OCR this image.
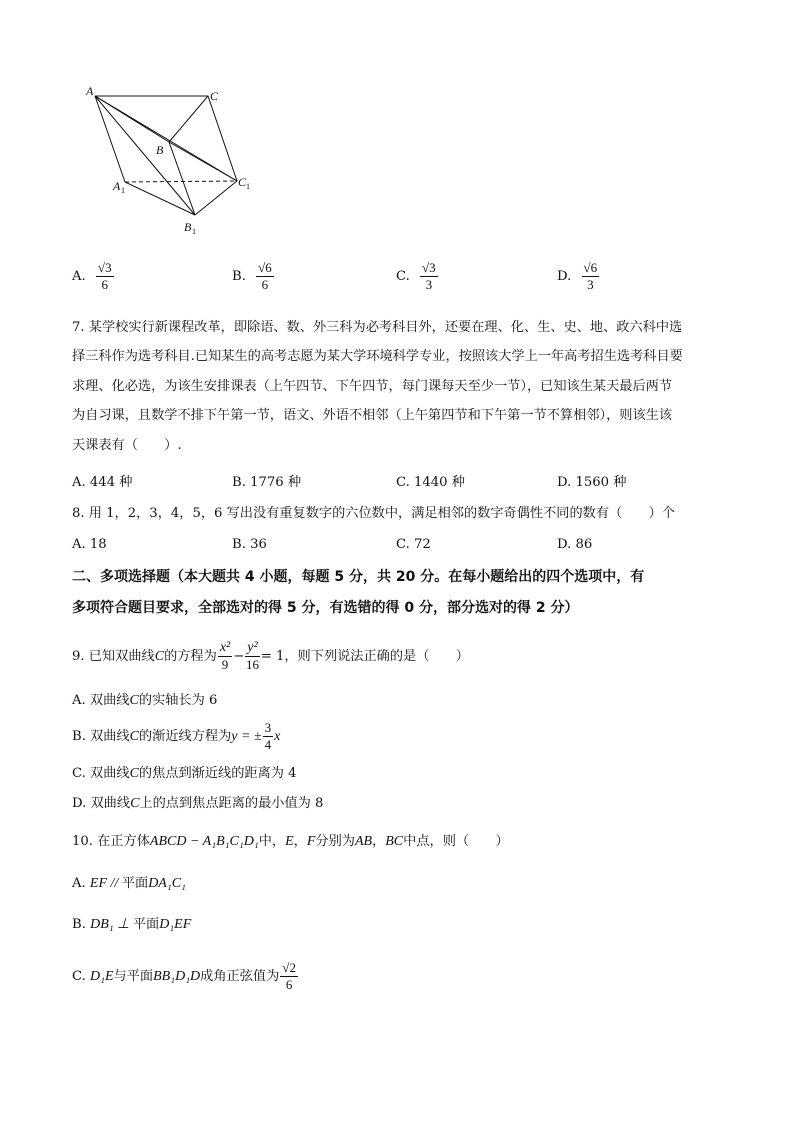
A	C
B
A 1
C 1
B 1
A. $\frac{√3}{6}$	B. $\frac{√6}{6}$	C. $\frac{√3}{3}$	D. $\frac{√6}{3}$
7. 某学校实行新课程改革，即除语、数、外三科为必考科目外，还要在理、化、生、史、地、政六科中选
择三科作为选考科目.已知某生的高考志愿为某大学环境科学专业，按照该大学上一年高考招生选考科目要
求理、化必选，为该生安排课表（上午四节、下午四节，每门课每天至少一节），已知该生某天最后两节
为自习课，且数学不排下午第一节，语文、外语不相邻（上午第四节和下午第一节不算相邻），则该生该
天课表有（　　）.
A. 444 种	B. 1776 种	C. 1440 种	D. 1560 种
8. 用 1，2，3，4，5，6 写出没有重复数字的六位数中，满足相邻的数字奇偶性不同的数有（　　）个
A. 18	B. 36	C. 72	D. 86
二、多项选择题（本大题共 4 小题，每题 5 分，共 20 分。在每小题给出的四个选项中，有
多项符合题目要求，全部选对的得 5 分，有选错的得 0 分，部分选对的得 2 分）
9. 已知双曲线C的方程为 $\frac{\text{x²}}{9} - \frac{\text{y²}}{16} = 1$，则下列说法正确的是（　　）
A. 双曲线C的实轴长为 6
B. 双曲线C的渐近线方程为y = ± $\frac{3}{4}$ x
C. 双曲线C的焦点到渐近线的距离为 4
D. 双曲线C上的点到焦点距离的最小值为 8
10. 在正方体ABCD − A₁B₁C₁D₁中，E，F分别为AB，BC中点，则（　　）
A. EF // 平面DA₁C₁
B. DB₁ ⊥ 平面D₁EF
C. D₁E与平面BB₁D₁D成角正弦值为 $\frac{√2}{6}$
